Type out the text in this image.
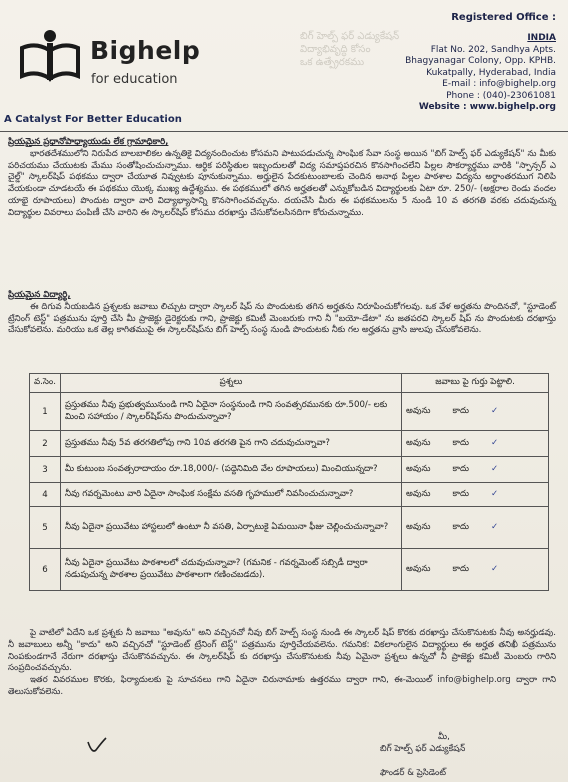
Bighelp
for education
A Catalyst For Better Education
బిగ్ హెల్ప్ ఫర్ ఎడ్యుకేషన్
విద్యాభివృద్ధి కోసం
ఒక ఉత్ప్రేరకము
Registered Office :
INDIA
Flat No. 202, Sandhya Apts.
Bhagyanagar Colony, Opp. KPHB.
Kukatpally, Hyderabad, India
E-mail : info@bighelp.org
Phone : (040)-23061081
Website : www.bighelp.org

ప్రియమైన ప్రధానోపాధ్యాయుడు లేక గ్రామాధికారి,

భారతదేశములోని నిరుపేద బాలబాలికల ఉన్నతికై విద్యనందించుట కోసమని పాటుపడుచున్న సాంఘిక సేవా సంస్థ అయిన "బిగ్ హెల్ప్ ఫర్ ఎడ్యుకేషన్" ను మీకు పరిచయము చేయుటకు మేము సంతోషించుచున్నాము. ఆర్థిక పరిస్థితుల ఇబ్బందులతో విద్య సమాప్తపరచిన కొనసాగించలేని పిల్లల సౌకర్యార్థము వారికి "స్పాన్సర్ ఎ చైల్డ్" స్కాలర్‌షిప్ పథకము ద్వారా చేయూత నివ్వుటకు పూనుకున్నాము. అర్హులైన పేదకుటుంబాలకు చెందిన అనాథ పిల్లల పాఠశాల విద్యను అర్థాంతరముగ నిలిపి వేయకుండా చూడటయే ఈ పథకము యొక్క ముఖ్య ఉద్దేశ్యము. ఈ పథకములో తగిన అర్హతలతో ఎన్నుకోబడిన విద్యార్థులకు ఏటా రూ. 250/- (అక్షరాల రెండు వందల యాభై రూపాయలు) పొందుట ద్వారా వారి విద్యాభ్యాసాన్ని కొనసాగించవచ్చును. దయచేసి మీరు ఈ పథకములను 5 నుండి 10 వ తరగతి వరకు చదువుచున్న విద్యార్థుల వివరాలు పంపిణీ చేసి వారిని ఈ స్కాలర్‌షిప్ కోసము దరఖాస్తు చేసుకోవలసినదిగా కోరుచున్నాము.

ప్రియమైన విద్యార్థి,

ఈ దిగువ నీయబడిన ప్రశ్నలకు జవాబు లిచ్చుట ద్వారా స్కాలర్ షిప్ ను పొందుటకు తగిన అర్హతను నిరూపించుకోగలవు. ఒక వేళ అర్హతను పొందినచో, "స్టూడెంట్ ట్రేనింగ్ టెస్ట్" పత్రమును పూర్తి చేసి మీ ప్రాజెక్టు డైరెక్టరుకు గాని, ప్రాజెక్టు కమిటీ మెంబరుకు గాని నీ "బయో-డేటా" ను జతపరచి స్కాలర్ షిప్ ను పొందుటకు దరఖాస్తు చేసుకోవలెను. మరియు ఒక తెల్ల కాగితముపై ఈ స్కాలర్‌షిప్‌ను బిగ్ హెల్ప్ సంస్థ నుండి పొందుటకు నీకు గల అర్హతను వ్రాసి జులపు చేసుకోవలెను.

వ.సెం.	ప్రశ్నలు	జవాబు పై గుర్తు పెట్టాలి.
1	ప్రస్తుతము నీవు ప్రభుత్వమునుండి గాని ఏదైనా సంస్థనుండి గాని సంవత్సరమునకు రూ.500/- లకు మించి సహాయం / స్కాలర్‌షిప్‌ను పొందుచున్నావా?	అవును కాదు ✓
2	ప్రస్తుతము నీవు 5వ తరగతిలోపు గాని 10వ తరగతి పైన గాని చదువుచున్నావా?	అవును కాదు ✓
3	మీ కుటుంబ సంవత్సరాదాయం రూ.18,000/- (పద్దెనిమిది వేల రూపాయలు) మించియున్నదా?	అవును కాదు ✓
4	నీవు గవర్నమెంటు వారి ఏదైనా సాంఘిక సంక్షేమ వసతి గృహములో నివసించుచున్నావా?	అవును కాదు ✓
5	నీవు ఏదైనా ప్రయివేటు హాస్టలులో ఉంటూ నీ వసతి, ఏర్పాటుకై ఏమయినా ఫీజు చెల్లించుచున్నావా?	అవును కాదు ✓
6	నీవు ఏదైనా ప్రయివేటు పాఠశాలలో చదువుచున్నావా? (గమనిక - గవర్నమెంట్ సబ్సిడీ ద్వారా నడుపుచున్న పాఠశాల ప్రయివేటు పాఠశాలగా గణించబడదు).	అవును కాదు ✓

పై వాటిలో ఏదేని ఒక ప్రశ్నకు నీ జవాబు "అవును" అని వచ్చినచో నీవు బిగ్ హెల్ప్ సంస్థ నుండి ఈ స్కాలర్ షిప్ కొరకు దరఖాస్తు చేసుకొనుటకు నీవు అనర్హుడవు. నీ జవాబులు అన్నీ "కాదు" అని వచ్చినచో "స్టూడెంట్ ట్రేనింగ్ టెస్ట్" పత్రమును పూర్తిచేయవలెను. గమనిక: వికలాంగులైన విద్యార్థులు ఈ అర్హత తనిఖీ పత్రమును నింపకుండగానే నేరుగా దరఖాస్తు చేసుకొనవచ్చును. ఈ స్కాలర్‌షిప్ కు దరఖాస్తు చేసుకొనుటకు నీవు ఏమైనా ప్రశ్నలు ఉన్నచో నీ ప్రాజెక్టు కమిటీ మెంబరు గారిని సంప్రదించవచ్చును.

ఇతర వివరముల కొరకు, ఫిర్యాదులకు పై సూచనలు గాని ఏదైనా చిరునామాకు ఉత్తరము ద్వారా గాని, ఈ-మెయిల్ info@bighelp.org ద్వారా గాని తెలుసుకోవలెను.

మీ,

బిగ్ హెల్ప్ ఫర్ ఎడ్యుకేషన్

ఫౌండర్ & ప్రెసిడెంట్
